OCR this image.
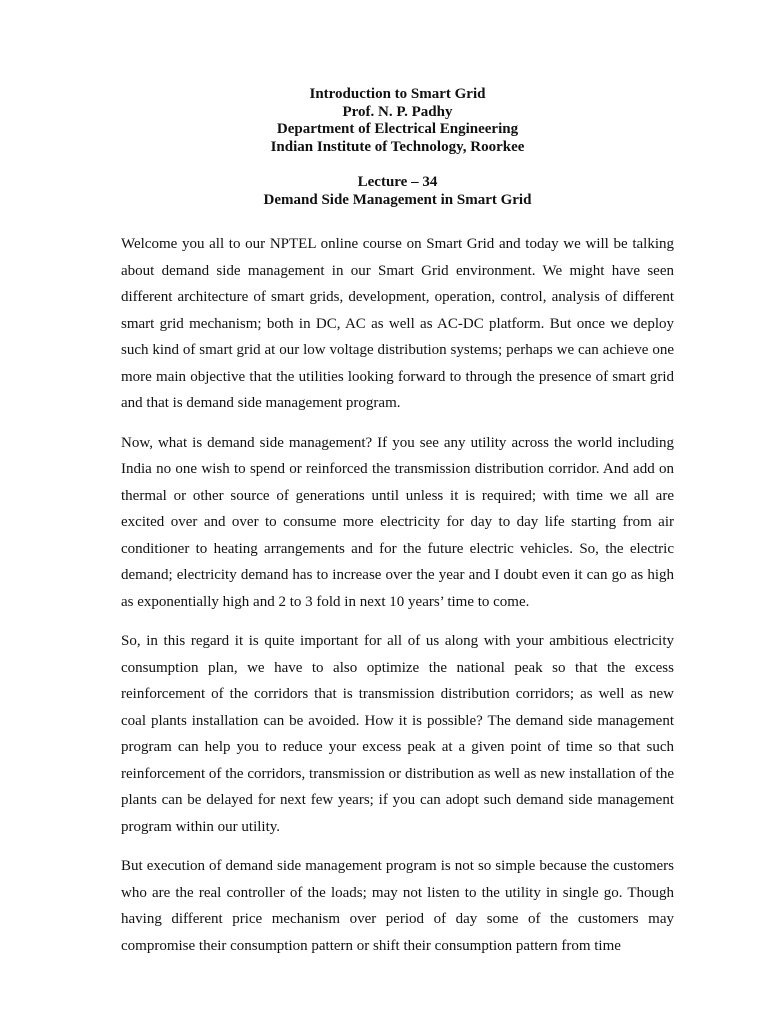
Introduction to Smart Grid
Prof. N. P. Padhy
Department of Electrical Engineering
Indian Institute of Technology, Roorkee
Lecture – 34
Demand Side Management in Smart Grid

Welcome you all to our NPTEL online course on Smart Grid and today we will be talking about demand side management in our Smart Grid environment. We might have seen different architecture of smart grids, development, operation, control, analysis of different smart grid mechanism; both in DC, AC as well as AC-DC platform. But once we deploy such kind of smart grid at our low voltage distribution systems; perhaps we can achieve one more main objective that the utilities looking forward to through the presence of smart grid and that is demand side management program.

Now, what is demand side management? If you see any utility across the world including India no one wish to spend or reinforced the transmission distribution corridor. And add on thermal or other source of generations until unless it is required; with time we all are excited over and over to consume more electricity for day to day life starting from air conditioner to heating arrangements and for the future electric vehicles. So, the electric demand; electricity demand has to increase over the year and I doubt even it can go as high as exponentially high and 2 to 3 fold in next 10 years’ time to come.

So, in this regard it is quite important for all of us along with your ambitious electricity consumption plan, we have to also optimize the national peak so that the excess reinforcement of the corridors that is transmission distribution corridors; as well as new coal plants installation can be avoided. How it is possible? The demand side management program can help you to reduce your excess peak at a given point of time so that such reinforcement of the corridors, transmission or distribution as well as new installation of the plants can be delayed for next few years; if you can adopt such demand side management program within our utility.

But execution of demand side management program is not so simple because the customers who are the real controller of the loads; may not listen to the utility in single go. Though having different price mechanism over period of day some of the customers may compromise their consumption pattern or shift their consumption pattern from time
